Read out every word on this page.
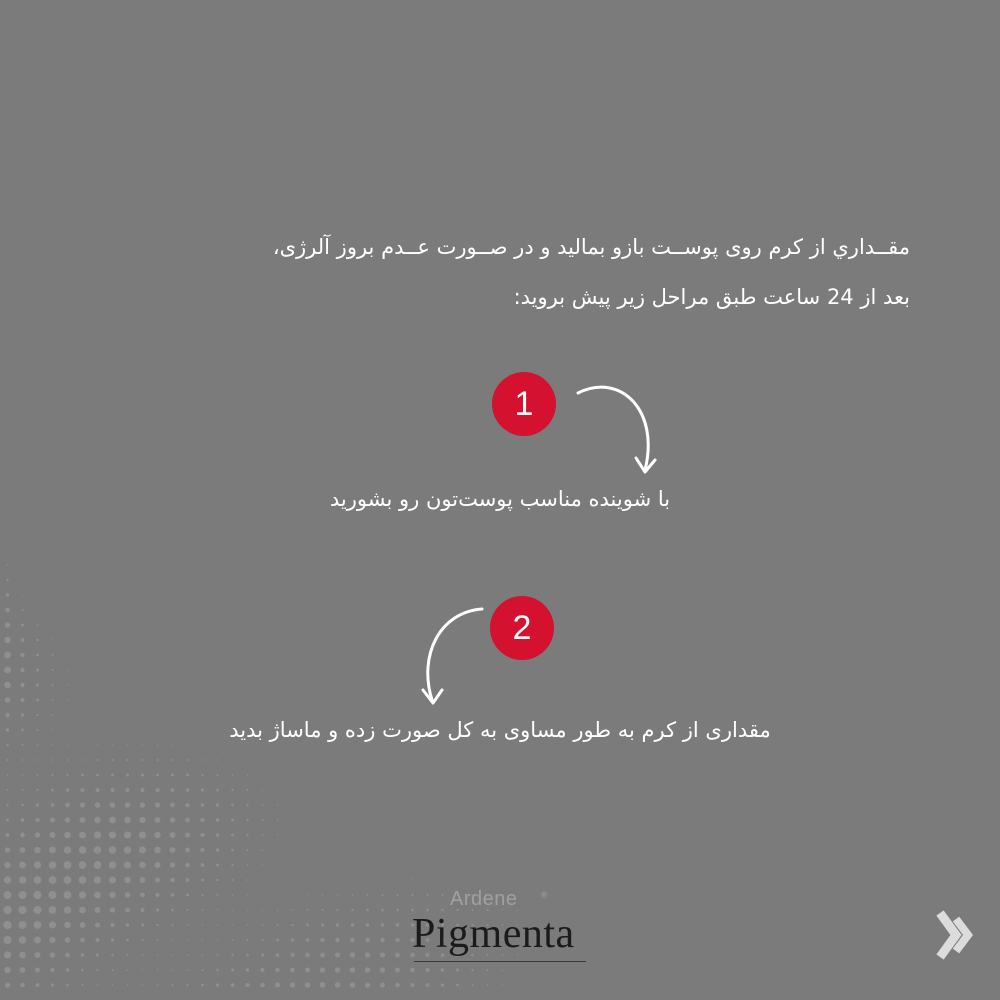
مقــداري از کرم روی پوســت بازو بمالید و در صــورت عــدم بروز آلرژی،
بعد از 24 ساعت طبق مراحل زیر پیش بروید:
1
با شوینده مناسب پوست‌تون رو بشورید
2
مقداری از کرم به طور مساوی به کل صورت زده و ماساژ بدید
Ardene	®
Pigmenta
